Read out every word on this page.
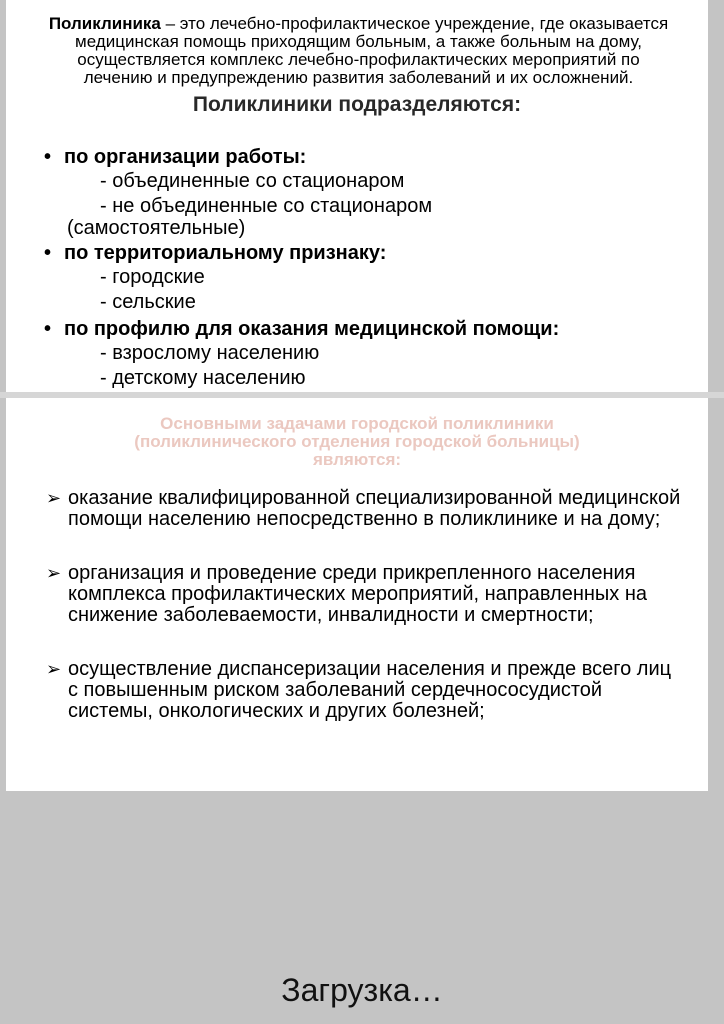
Поликлиника – это лечебно-профилактическое учреждение, где оказывается медицинская помощь приходящим больным, а также больным на дому, осуществляется комплекс лечебно-профилактических мероприятий по лечению и предупреждению развития заболеваний и их осложнений.
Поликлиники подразделяются:

• по организации работы:

- объединенные со стационаром
- не объединенные со стационаром
(самостоятельные)

• по территориальному признаку:

- городские
- сельские

• по профилю для оказания медицинской помощи:

- взрослому населению
- детскому населению
Основными задачами городской поликлиники
(поликлинического отделения городской больницы)
являются:
➢ оказание квалифицированной специализированной медицинской помощи населению непосредственно в поликлинике и на дому;
➢ организация и проведение среди прикрепленного населения комплекса профилактических мероприятий, направленных на снижение заболеваемости, инвалидности и смертности;
➢ осуществление диспансеризации населения и прежде всего лиц с повышенным риском заболеваний сердечнососудистой системы, онкологических и других болезней;
Загрузка…
